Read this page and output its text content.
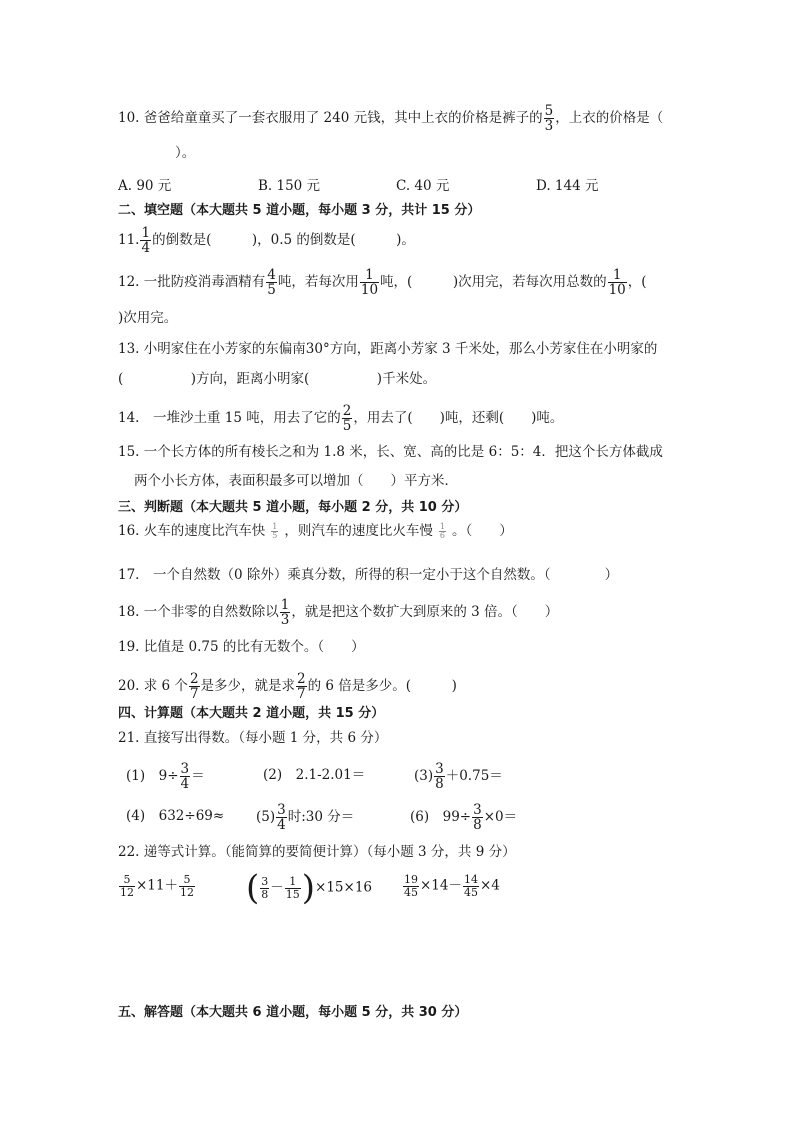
10. 爸爸给童童买了一套衣服用了 240 元钱，其中上衣的价格是裤子的 $\frac{5}{3}$ ，上衣的价格是（
）。
A. 90 元	B. 150 元	C. 40 元	D. 144 元
二、填空题（本大题共 5 道小题，每小题 3 分，共计 15 分）
11. $\frac{1}{4}$ 的倒数是(　　　)，0.5 的倒数是(　　　)。
12. 一批防疫消毒酒精有 $\frac{4}{5}$ 吨，若每次用 $\frac{1}{10}$ 吨，(　　　)次用完，若每次用总数的 $\frac{1}{10}$ ，(
)次用完。
13. 小明家住在小芳家的东偏南30°方向，距离小芳家 3 千米处，那么小芳家住在小明家的
(　　　　　)方向，距离小明家(　　　　　)千米处。
14.　一堆沙土重 15 吨，用去了它的 $\frac{2}{5}$ ，用去了(　　)吨，还剩(　　)吨。
15. 一个长方体的所有棱长之和为 1.8 米，长、宽、高的比是 6：5：4．把这个长方体截成
两个小长方体，表面积最多可以增加（　　）平方米．
三、判断题（本大题共 5 道小题，每小题 2 分，共 10 分）
16. 火车的速度比汽车快 $\frac{1}{5}$ ，则汽车的速度比火车慢 $\frac{1}{6}$ 。（　　）
17.　一个自然数（0 除外）乘真分数，所得的积一定小于这个自然数。（　　　　）
18. 一个非零的自然数除以 $\frac{1}{3}$ ，就是把这个数扩大到原来的 3 倍。（　　）
19. 比值是 0.75 的比有无数个。（　　）
20. 求 6 个 $\frac{2}{7}$ 是多少，就是求 $\frac{2}{7}$ 的 6 倍是多少。(　　　)
四、计算题（本大题共 2 道小题，共 15 分）
21. 直接写出得数。（每小题 1 分，共 6 分）
(1)　$9\div \frac{3}{4}$ ＝	(2)　2.1-2.01＝	$(3) \frac{3}{8} +0.75=$
(4)　$632\div 69\approx (5) \frac{3}{4}$ 时:30 分＝	(6)　$99\div \frac{3}{8} \times 0=$
22. 递等式计算。（能简算的要简便计算）（每小题 3 分，共 9 分）
$\frac{5}{12} \times 11+ \frac{5}{12}$ ( $\frac{3}{8} - \frac{1}{15} )\times 15\times 16$	$\frac{19}{45} \times 14- \frac{14}{45} \times 4$
五、解答题（本大题共 6 道小题，每小题 5 分，共 30 分）
